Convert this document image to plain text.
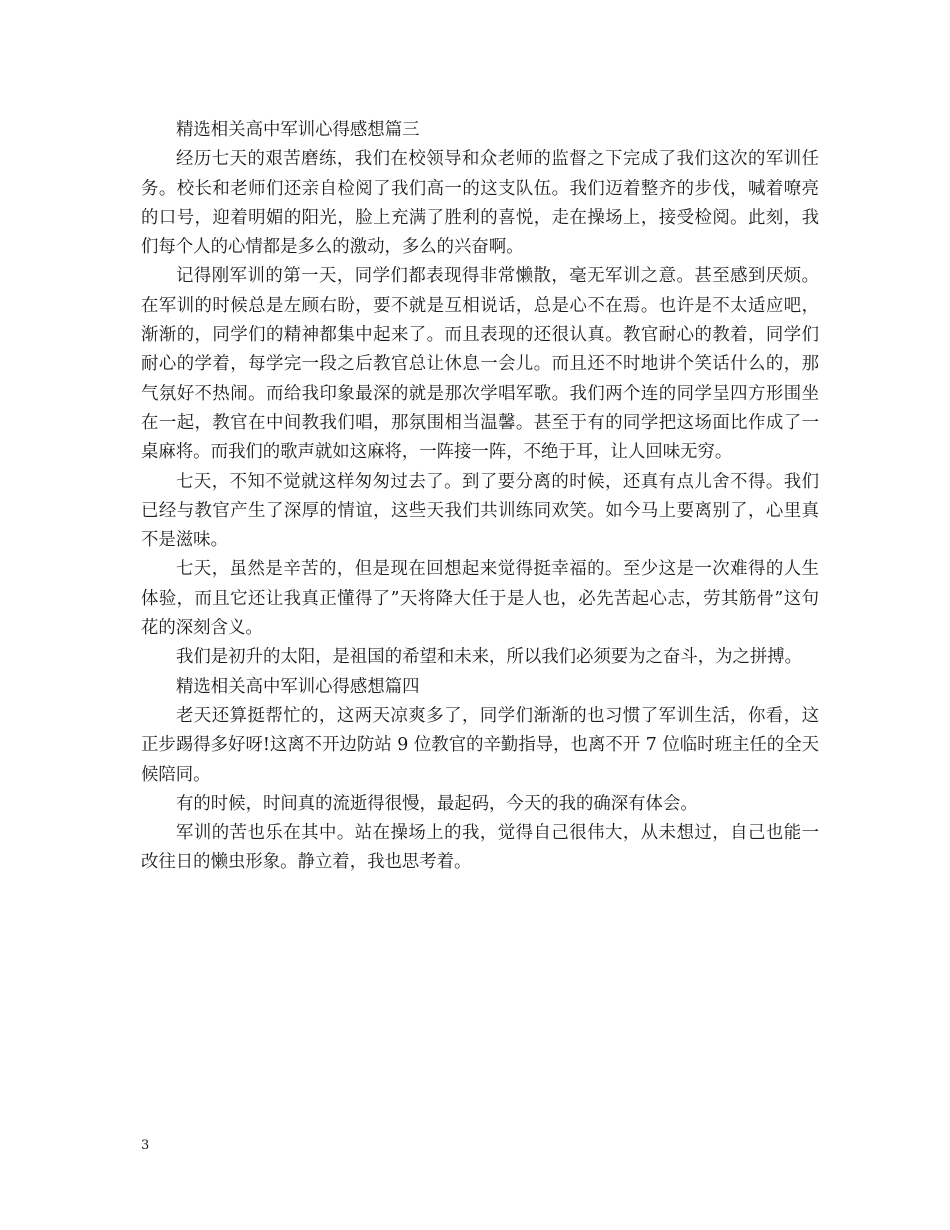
精选相关高中军训心得感想篇三

经历七天的艰苦磨练，我们在校领导和众老师的监督之下完成了我们这次的军训任务。校长和老师们还亲自检阅了我们高一的这支队伍。我们迈着整齐的步伐，喊着嘹亮的口号，迎着明媚的阳光，脸上充满了胜利的喜悦，走在操场上，接受检阅。此刻，我们每个人的心情都是多么的激动，多么的兴奋啊。

记得刚军训的第一天，同学们都表现得非常懒散，毫无军训之意。甚至感到厌烦。在军训的时候总是左顾右盼，要不就是互相说话，总是心不在焉。也许是不太适应吧，渐渐的，同学们的精神都集中起来了。而且表现的还很认真。教官耐心的教着，同学们耐心的学着，每学完一段之后教官总让休息一会儿。而且还不时地讲个笑话什么的，那气氛好不热闹。而给我印象最深的就是那次学唱军歌。我们两个连的同学呈四方形围坐在一起，教官在中间教我们唱，那氛围相当温馨。甚至于有的同学把这场面比作成了一桌麻将。而我们的歌声就如这麻将，一阵接一阵，不绝于耳，让人回味无穷。

七天，不知不觉就这样匆匆过去了。到了要分离的时候，还真有点儿舍不得。我们已经与教官产生了深厚的情谊，这些天我们共训练同欢笑。如今马上要离别了，心里真不是滋味。

七天，虽然是辛苦的，但是现在回想起来觉得挺幸福的。至少这是一次难得的人生体验，而且它还让我真正懂得了”天将降大任于是人也，必先苦起心志，劳其筋骨”这句花的深刻含义。

我们是初升的太阳，是祖国的希望和未来，所以我们必须要为之奋斗，为之拼搏。

精选相关高中军训心得感想篇四

老天还算挺帮忙的，这两天凉爽多了，同学们渐渐的也习惯了军训生活，你看，这正步踢得多好呀!这离不开边防站 9 位教官的辛勤指导，也离不开 7 位临时班主任的全天候陪同。

有的时候，时间真的流逝得很慢，最起码，今天的我的确深有体会。

军训的苦也乐在其中。站在操场上的我，觉得自己很伟大，从未想过，自己也能一改往日的懒虫形象。静立着，我也思考着。

3
